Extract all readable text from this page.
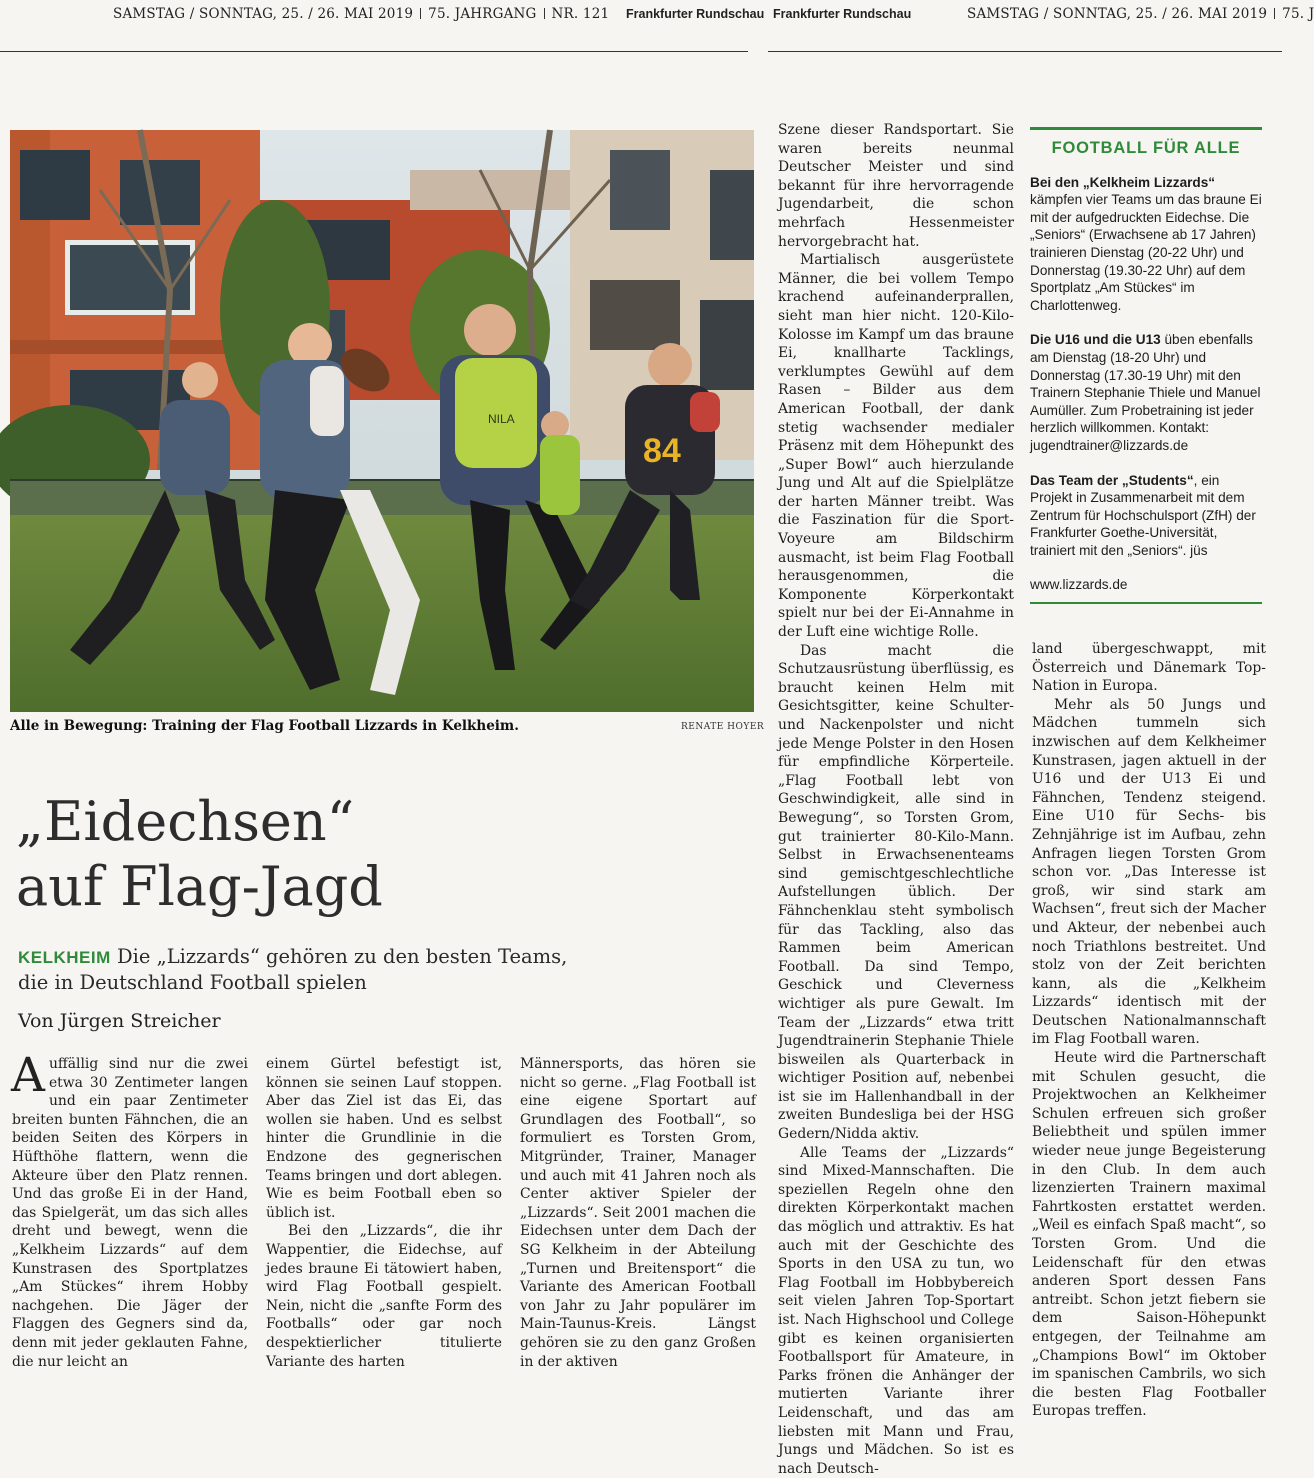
SAMSTAG / SONNTAG, 25. / 26. MAI 2019 75. JAHRGANG NR. 121 Frankfurter Rundschau Frankfurter Rundschau	SAMSTAG / SONNTAG, 25. / 26. MAI 2019 75. J
NILA
84
Alle in Bewegung: Training der Flag Football Lizzards in Kelkheim.	RENATE HOYER
„Eidechsen“
auf Flag-Jagd
KELKHEIM Die „Lizzards“ gehören zu den besten Teams,
die in Deutschland Football spielen
Von Jürgen Streicher

Auffällig sind nur die zwei etwa 30 Zentimeter langen und ein paar Zentimeter breiten bunten Fähnchen, die an beiden Seiten des Körpers in Hüfthöhe flattern, wenn die Akteure über den Platz rennen. Und das große Ei in der Hand, das Spielgerät, um das sich alles dreht und bewegt, wenn die „Kelkheim Lizzards“ auf dem Kunstrasen des Sportplatzes „Am Stückes“ ihrem Hobby nachgehen. Die Jäger der Flaggen des Gegners sind da, denn mit jeder geklauten Fahne, die nur leicht an

einem Gürtel befestigt ist, können sie seinen Lauf stoppen. Aber das Ziel ist das Ei, das wollen sie haben. Und es selbst hinter die Grundlinie in die Endzone des gegnerischen Teams bringen und dort ablegen. Wie es beim Football eben so üblich ist.

Bei den „Lizzards“, die ihr Wappentier, die Eidechse, auf jedes braune Ei tätowiert haben, wird Flag Football gespielt. Nein, nicht die „sanfte Form des Footballs“ oder gar noch despektierlicher titulierte Variante des harten

Männersports, das hören sie nicht so gerne. „Flag Football ist eine eigene Sportart auf Grundlagen des Football“, so formuliert es Torsten Grom, Mitgründer, Trainer, Manager und auch mit 41 Jahren noch als Center aktiver Spieler der „Lizzards“. Seit 2001 machen die Eidechsen unter dem Dach der SG Kelkheim in der Abteilung „Turnen und Breitensport“ die Variante des American Football von Jahr zu Jahr populärer im Main-Taunus-Kreis. Längst gehören sie zu den ganz Großen in der aktiven

Szene dieser Randsportart. Sie waren bereits neunmal Deutscher Meister und sind bekannt für ihre hervorragende Jugendarbeit, die schon mehrfach Hessenmeister hervorgebracht hat.

Martialisch ausgerüstete Männer, die bei vollem Tempo krachend aufeinanderprallen, sieht man hier nicht. 120-Kilo-Kolosse im Kampf um das braune Ei, knallharte Tacklings, verklumptes Gewühl auf dem Rasen – Bilder aus dem American Football, der dank stetig wachsender medialer Präsenz mit dem Höhepunkt des „Super Bowl“ auch hierzulande Jung und Alt auf die Spielplätze der harten Männer treibt. Was die Faszination für die Sport-Voyeure am Bildschirm ausmacht, ist beim Flag Football herausgenommen, die Komponente Körperkontakt spielt nur bei der Ei-Annahme in der Luft eine wichtige Rolle.

Das macht die Schutzausrüstung überflüssig, es braucht keinen Helm mit Gesichtsgitter, keine Schulter- und Nackenpolster und nicht jede Menge Polster in den Hosen für empfindliche Körperteile. „Flag Football lebt von Geschwindigkeit, alle sind in Bewegung“, so Torsten Grom, gut trainierter 80-Kilo-Mann. Selbst in Erwachsenenteams sind gemischtgeschlechtliche Aufstellungen üblich. Der Fähnchenklau steht symbolisch für das Tackling, also das Rammen beim American Football. Da sind Tempo, Geschick und Cleverness wichtiger als pure Gewalt. Im Team der „Lizzards“ etwa tritt Jugendtrainerin Stephanie Thiele bisweilen als Quarterback in wichtiger Position auf, nebenbei ist sie im Hallenhandball in der zweiten Bundesliga bei der HSG Gedern/Nidda aktiv.

Alle Teams der „Lizzards“ sind Mixed-Mannschaften. Die speziellen Regeln ohne den direkten Körperkontakt machen das möglich und attraktiv. Es hat auch mit der Geschichte des Sports in den USA zu tun, wo Flag Football im Hobbybereich seit vielen Jahren Top-Sportart ist. Nach Highschool und College gibt es keinen organisierten Footballsport für Amateure, in Parks frönen die Anhänger der mutierten Variante ihrer Leidenschaft, und das am liebsten mit Mann und Frau, Jungs und Mädchen. So ist es nach Deutsch-

FOOTBALL FÜR ALLE

Bei den „Kelkheim Lizzards“ kämpfen vier Teams um das braune Ei mit der aufgedruckten Eidechse. Die „Seniors“ (Erwachsene ab 17 Jahren) trainieren Dienstag (20-22 Uhr) und Donnerstag (19.30-22 Uhr) auf dem Sportplatz „Am Stückes“ im Charlottenweg.

Die U16 und die U13 üben ebenfalls am Dienstag (18-20 Uhr) und Donnerstag (17.30-19 Uhr) mit den Trainern Stephanie Thiele und Manuel Aumüller. Zum Probetraining ist jeder herzlich willkommen. Kontakt: jugendtrainer@lizzards.de

Das Team der „Students“, ein Projekt in Zusammenarbeit mit dem Zentrum für Hochschulsport (ZfH) der Frankfurter Goethe-Universität, trainiert mit den „Seniors“. jüs

www.lizzards.de

land übergeschwappt, mit Österreich und Dänemark Top-Nation in Europa.

Mehr als 50 Jungs und Mädchen tummeln sich inzwischen auf dem Kelkheimer Kunstrasen, jagen aktuell in der U16 und der U13 Ei und Fähnchen, Tendenz steigend. Eine U10 für Sechs- bis Zehnjährige ist im Aufbau, zehn Anfragen liegen Torsten Grom schon vor. „Das Interesse ist groß, wir sind stark am Wachsen“, freut sich der Macher und Akteur, der nebenbei auch noch Triathlons bestreitet. Und stolz von der Zeit berichten kann, als die „Kelkheim Lizzards“ identisch mit der Deutschen Nationalmannschaft im Flag Football waren.

Heute wird die Partnerschaft mit Schulen gesucht, die Projektwochen an Kelkheimer Schulen erfreuen sich großer Beliebtheit und spülen immer wieder neue junge Begeisterung in den Club. In dem auch lizenzierten Trainern maximal Fahrtkosten erstattet werden. „Weil es einfach Spaß macht“, so Torsten Grom. Und die Leidenschaft für den etwas anderen Sport dessen Fans antreibt. Schon jetzt fiebern sie dem Saison-Höhepunkt entgegen, der Teilnahme am „Champions Bowl“ im Oktober im spanischen Cambrils, wo sich die besten Flag Footballer Europas treffen.
